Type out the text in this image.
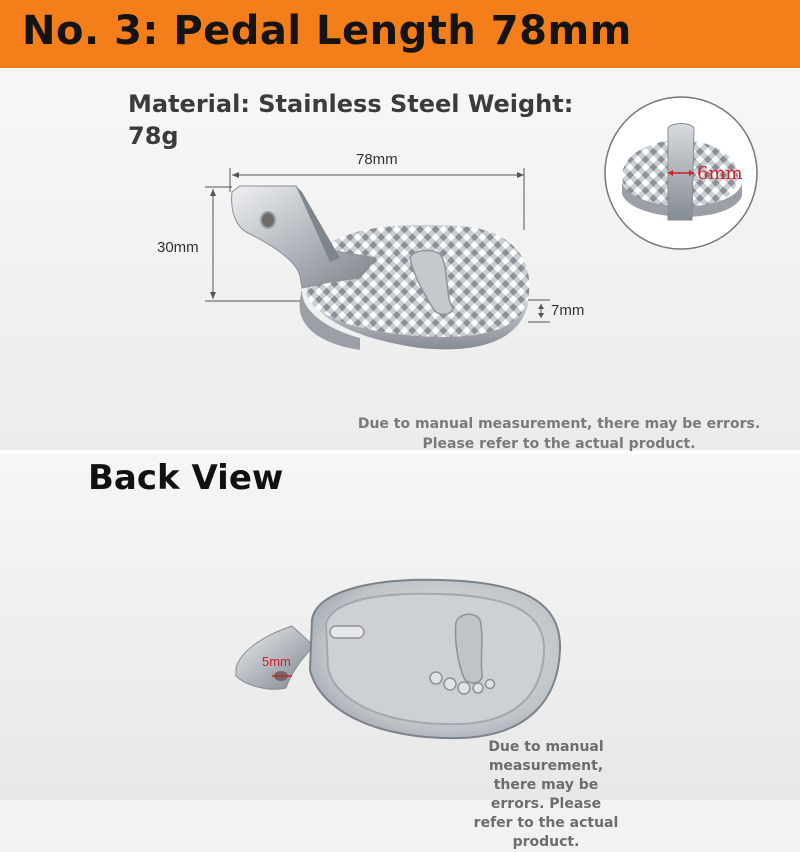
No. 3: Pedal Length 78mm
Material: Stainless Steel Weight: 78g
78mm
30mm
7mm
6mm
5mm
Due to manual measurement, there may be errors. Please refer to the actual product.
Back View
Due to manual measurement, there may be errors. Please refer to the actual product.
